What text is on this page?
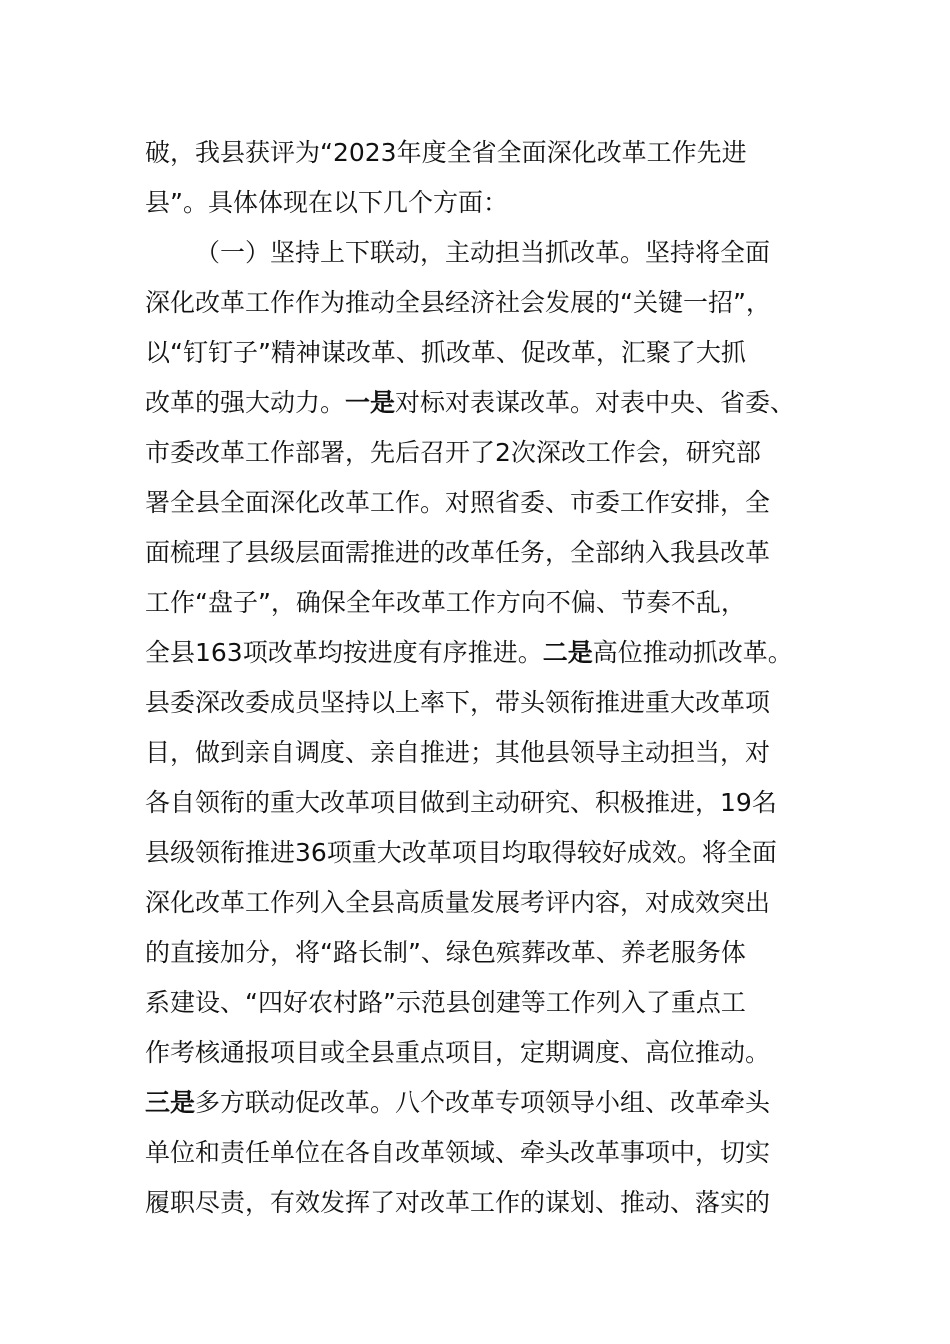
破，我县获评为“2023年度全省全面深化改革工作先进
县”。具体体现在以下几个方面：
（一）坚持上下联动，主动担当抓改革。坚持将全面
深化改革工作作为推动全县经济社会发展的“关键一招”，
以“钉钉子”精神谋改革、抓改革、促改革，汇聚了大抓
改革的强大动力。一是对标对表谋改革。对表中央、省委、
市委改革工作部署，先后召开了2次深改工作会，研究部
署全县全面深化改革工作。对照省委、市委工作安排，全
面梳理了县级层面需推进的改革任务，全部纳入我县改革
工作“盘子”，确保全年改革工作方向不偏、节奏不乱，
全县163项改革均按进度有序推进。二是高位推动抓改革。
县委深改委成员坚持以上率下，带头领衔推进重大改革项
目，做到亲自调度、亲自推进；其他县领导主动担当，对
各自领衔的重大改革项目做到主动研究、积极推进，19名
县级领衔推进36项重大改革项目均取得较好成效。将全面
深化改革工作列入全县高质量发展考评内容，对成效突出
的直接加分，将“路长制”、绿色殡葬改革、养老服务体
系建设、“四好农村路”示范县创建等工作列入了重点工
作考核通报项目或全县重点项目，定期调度、高位推动。
三是多方联动促改革。八个改革专项领导小组、改革牵头
单位和责任单位在各自改革领域、牵头改革事项中，切实
履职尽责，有效发挥了对改革工作的谋划、推动、落实的
